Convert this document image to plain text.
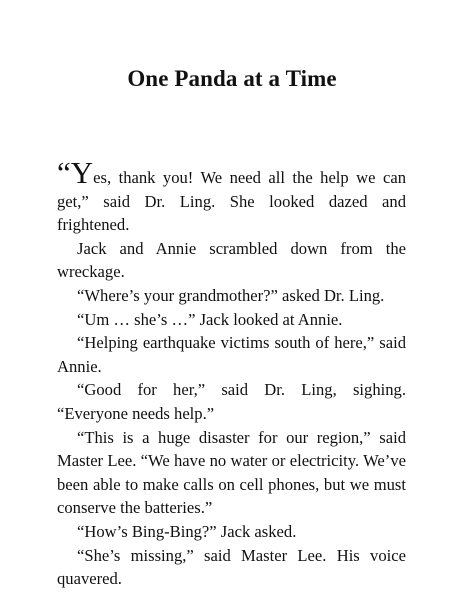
One Panda at a Time

“Yes, thank you! We need all the help we can get,” said Dr. Ling. She looked dazed and frightened.

Jack and Annie scrambled down from the wreckage.

“Where’s your grandmother?” asked Dr. Ling.

“Um … she’s …” Jack looked at Annie.

“Helping earthquake victims south of here,” said Annie.

“Good for her,” said Dr. Ling, sighing. “Everyone needs help.”

“This is a huge disaster for our region,” said Master Lee. “We have no water or electricity. We’ve been able to make calls on cell phones, but we must conserve the batteries.”

“How’s Bing-Bing?” Jack asked.

“She’s missing,” said Master Lee. His voice quavered.
